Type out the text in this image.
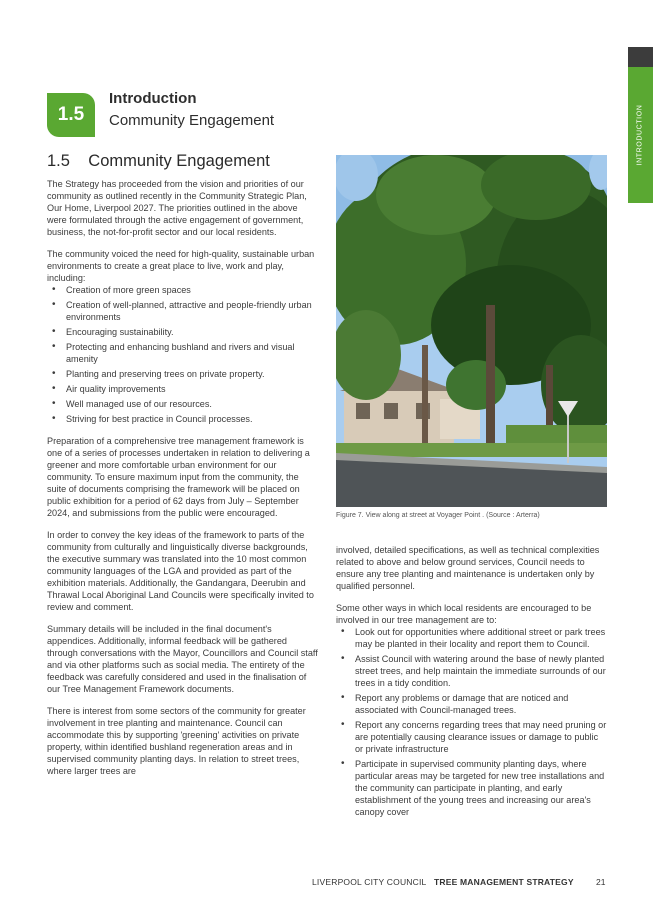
INTRODUCTION
1.5
Introduction
Community Engagement
1.5 Community Engagement

The Strategy has proceeded from the vision and priorities of our community as outlined recently in the Community Strategic Plan, Our Home, Liverpool 2027. The priorities outlined in the above were formulated through the active engagement of government, business, the not-for-profit sector and our local residents.

The community voiced the need for high-quality, sustainable urban environments to create a great place to live, work and play, including:

• Creation of more green spaces
• Creation of well-planned, attractive and people-friendly urban environments
• Encouraging sustainability.
• Protecting and enhancing bushland and rivers and visual amenity
• Planting and preserving trees on private property.
• Air quality improvements
• Well managed use of our resources.
• Striving for best practice in Council processes.

Preparation of a comprehensive tree management framework is one of a series of processes undertaken in relation to delivering a greener and more comfortable urban environment for our community. To ensure maximum input from the community, the suite of documents comprising the framework will be placed on public exhibition for a period of 62 days from July – September 2024, and submissions from the public were encouraged.

In order to convey the key ideas of the framework to parts of the community from culturally and linguistically diverse backgrounds, the executive summary was translated into the 10 most common community languages of the LGA and provided as part of the exhibition materials. Additionally, the Gandangara, Deerubin and Thrawal Local Aboriginal Land Councils were specifically invited to review and comment.

Summary details will be included in the final document's appendices. Additionally, informal feedback will be gathered through conversations with the Mayor, Councillors and Council staff and via other platforms such as social media. The entirety of the feedback was carefully considered and used in the finalisation of our Tree Management Framework documents.

There is interest from some sectors of the community for greater involvement in tree planting and maintenance. Council can accommodate this by supporting 'greening' activities on private property, within identified bushland regeneration areas and in supervised community planting days. In relation to street trees, where larger trees are

Figure 7. View along at street at Voyager Point . (Source : Arterra)

involved, detailed specifications, as well as technical complexities related to above and below ground services, Council needs to ensure any tree planting and maintenance is undertaken only by qualified personnel.

Some other ways in which local residents are encouraged to be involved in our tree management are to:

• Look out for opportunities where additional street or park trees may be planted in their locality and report them to Council.
• Assist Council with watering around the base of newly planted street trees, and help maintain the immediate surrounds of our trees in a tidy condition.
• Report any problems or damage that are noticed and associated with Council-managed trees.
• Report any concerns regarding trees that may need pruning or are potentially causing clearance issues or damage to public or private infrastructure
• Participate in supervised community planting days, where particular areas may be targeted for new tree installations and the community can participate in planting, and early establishment of the young trees and increasing our area's canopy cover
LIVERPOOL CITY COUNCIL TREE MANAGEMENT STRATEGY	21
